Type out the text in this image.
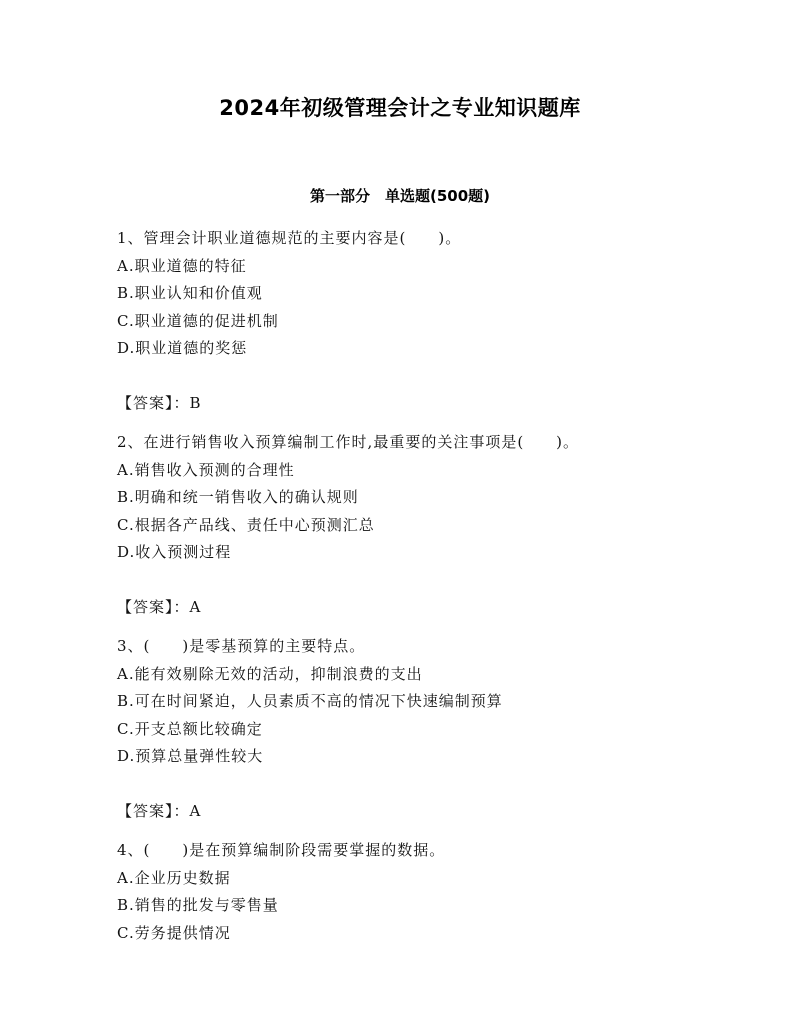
2024年初级管理会计之专业知识题库
第一部分　单选题(500题)
1、管理会计职业道德规范的主要内容是(　　)。
A.职业道德的特征
B.职业认知和价值观
C.职业道德的促进机制
D.职业道德的奖惩
【答案】：B
2、在进行销售收入预算编制工作时,最重要的关注事项是(　　)。
A.销售收入预测的合理性
B.明确和统一销售收入的确认规则
C.根据各产品线、责任中心预测汇总
D.收入预测过程
【答案】：A
3、(　　)是零基预算的主要特点。
A.能有效剔除无效的活动，抑制浪费的支出
B.可在时间紧迫，人员素质不高的情况下快速编制预算
C.开支总额比较确定
D.预算总量弹性较大
【答案】：A
4、(　　)是在预算编制阶段需要掌握的数据。
A.企业历史数据
B.销售的批发与零售量
C.劳务提供情况
